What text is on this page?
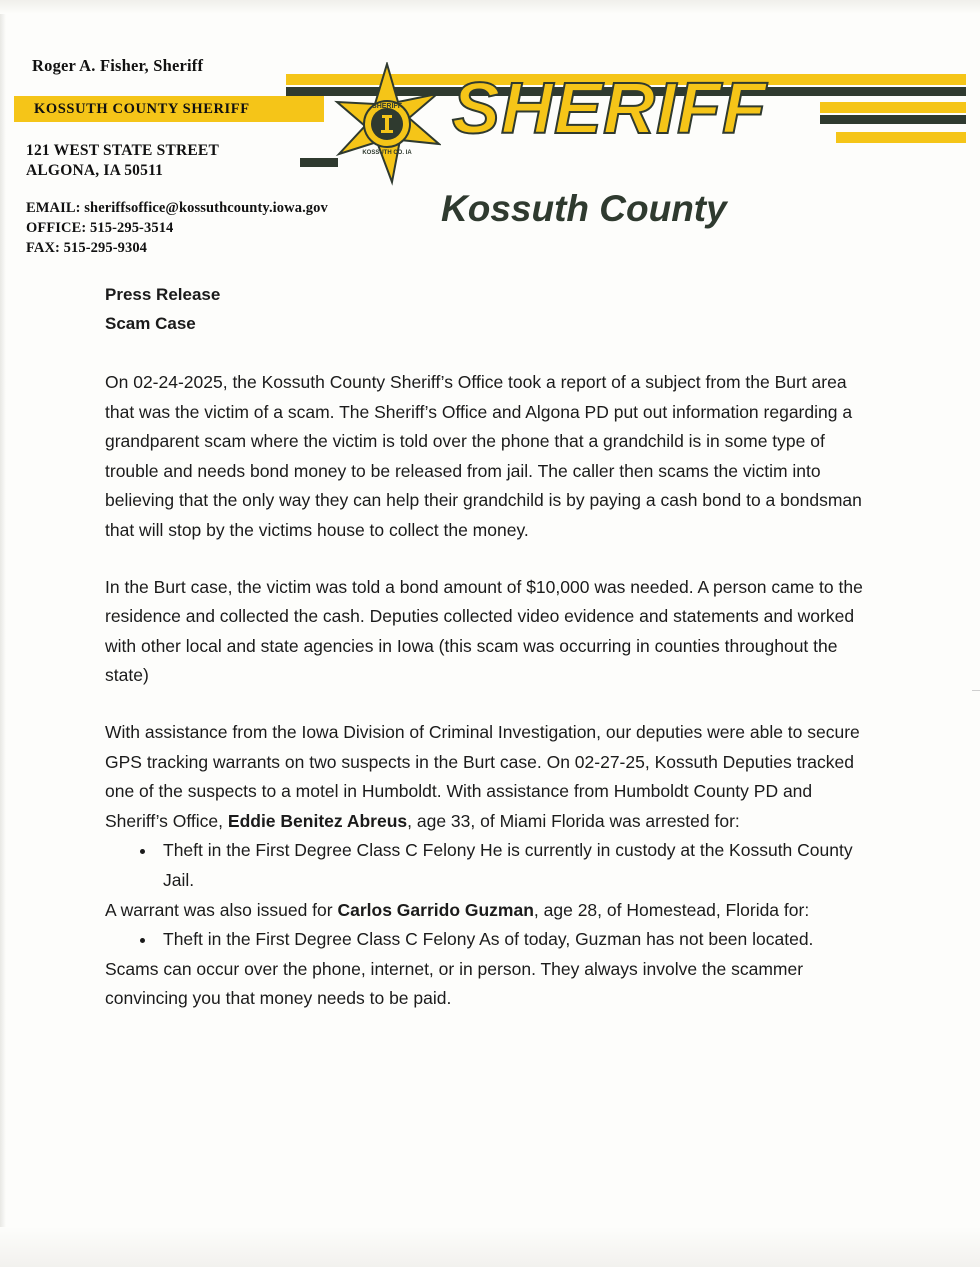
Roger A. Fisher, Sheriff
KOSSUTH COUNTY SHERIFF
121 WEST STATE STREET
ALGONA, IA 50511
EMAIL: sheriffsoffice@kossuthcounty.iowa.gov
OFFICE: 515-295-3514
FAX: 515-295-9304
SHERIFF
KOSSUTH CO. IA
SHERIFF
Kossuth County
Press Release
Scam Case

On 02-24-2025, the Kossuth County Sheriff’s Office took a report of a subject from the Burt area that was the victim of a scam. The Sheriff’s Office and Algona PD put out information regarding a grandparent scam where the victim is told over the phone that a grandchild is in some type of trouble and needs bond money to be released from jail. The caller then scams the victim into believing that the only way they can help their grandchild is by paying a cash bond to a bondsman that will stop by the victims house to collect the money.

In the Burt case, the victim was told a bond amount of $10,000 was needed. A person came to the residence and collected the cash. Deputies collected video evidence and statements and worked with other local and state agencies in Iowa (this scam was occurring in counties throughout the state)

With assistance from the Iowa Division of Criminal Investigation, our deputies were able to secure GPS tracking warrants on two suspects in the Burt case. On 02-27-25, Kossuth Deputies tracked one of the suspects to a motel in Humboldt. With assistance from Humboldt County PD and Sheriff’s Office, Eddie Benitez Abreus, age 33, of Miami Florida was arrested for:

• Theft in the First Degree Class C Felony He is currently in custody at the Kossuth County Jail.

A warrant was also issued for Carlos Garrido Guzman, age 28, of Homestead, Florida for:

• Theft in the First Degree Class C Felony As of today, Guzman has not been located.

Scams can occur over the phone, internet, or in person. They always involve the scammer convincing you that money needs to be paid.
